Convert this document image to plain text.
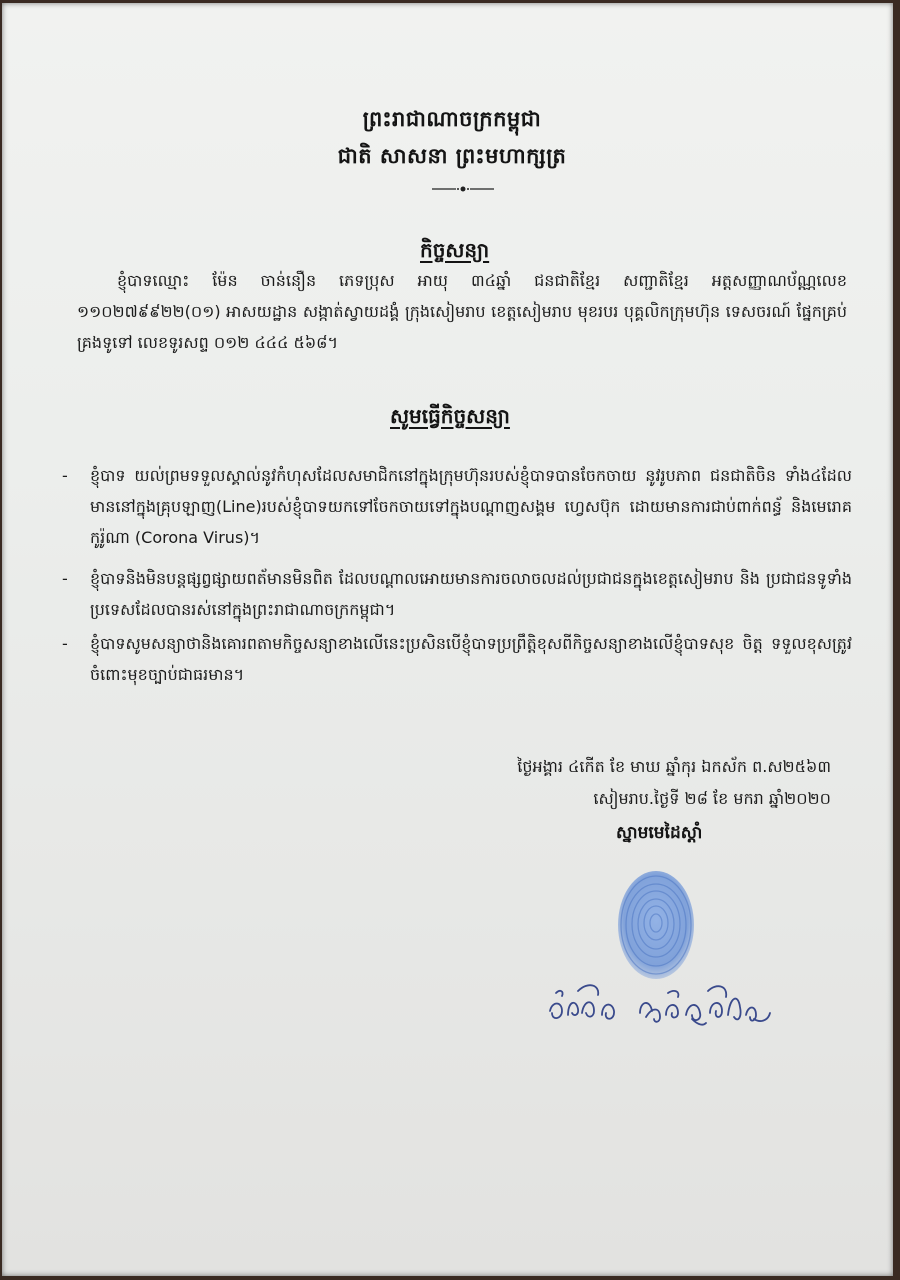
ព្រះរាជាណាចក្រកម្ពុជា
ជាតិ សាសនា ព្រះមហាក្សត្រ
កិច្ចសន្យា
ខ្ញុំបាទឈ្មោះ ម៉ែន ចាន់នឿន ភេទប្រុស អាយុ ៣៤ឆ្នាំ ជនជាតិខ្មែរ សញ្ជាតិខ្មែរ អត្តសញ្ញាណប័ណ្ណលេខ ១១០២៧៩៩២២(០១) អាសយដ្ឋាន សង្កាត់ស្វាយដង្គំ ក្រុងសៀមរាប ខេត្តសៀមរាប មុខរបរ បុគ្គលិកក្រុមហ៊ុន ទេសចរណ៍ ផ្នែកគ្រប់គ្រងទូទៅ លេខទូរសព្ទ ០១២ ៤៤៤ ៥៦៨។
សូមធ្វើកិច្ចសន្យា
- ខ្ញុំបាទ យល់ព្រមទទួលស្គាល់នូវកំហុសដែលសមាជិកនៅក្នុងក្រុមហ៊ុនរបស់ខ្ញុំបាទបានចែកចាយ នូវរូបភាព ជនជាតិចិន ទាំង៤ដែលមាននៅក្នុងគ្រុបឡាញ(Line)របស់ខ្ញុំបាទយកទៅចែកចាយទៅក្នុងបណ្តាញសង្គម ហ្វេសប៊ុក ដោយមានការជាប់ពាក់ពន្ធ័ និងមេរោគ កូរ៉ូណា (Corona Virus)។
- ខ្ញុំបាទនិងមិនបន្តផ្សព្វផ្សាយពត័មានមិនពិត ដែលបណ្តាលអោយមានការចលាចលដល់ប្រជាជនក្នុងខេត្តសៀមរាប និង ប្រជាជនទូទាំងប្រទេសដែលបានរស់នៅក្នុងព្រះរាជាណាចក្រកម្ពុជា។
- ខ្ញុំបាទសូមសន្យាថានិងគោរពតាមកិច្ចសន្យាខាងលើនេះប្រសិនបើខ្ញុំបាទប្រព្រឹត្តិខុសពីកិច្ចសន្យាខាងលើខ្ញុំបាទសុខ ចិត្ត ទទួលខុសត្រូវចំពោះមុខច្បាប់ជាធរមាន។
ថ្ងៃអង្គារ ៤កើត ខែ មាឃ ឆ្នាំកុរ ឯកស័ក ព.ស២៥៦៣
សៀមរាប.ថ្ងៃទី ២៨ ខែ មករា ឆ្នាំ២០២០
ស្នាមមេដៃស្តាំ
